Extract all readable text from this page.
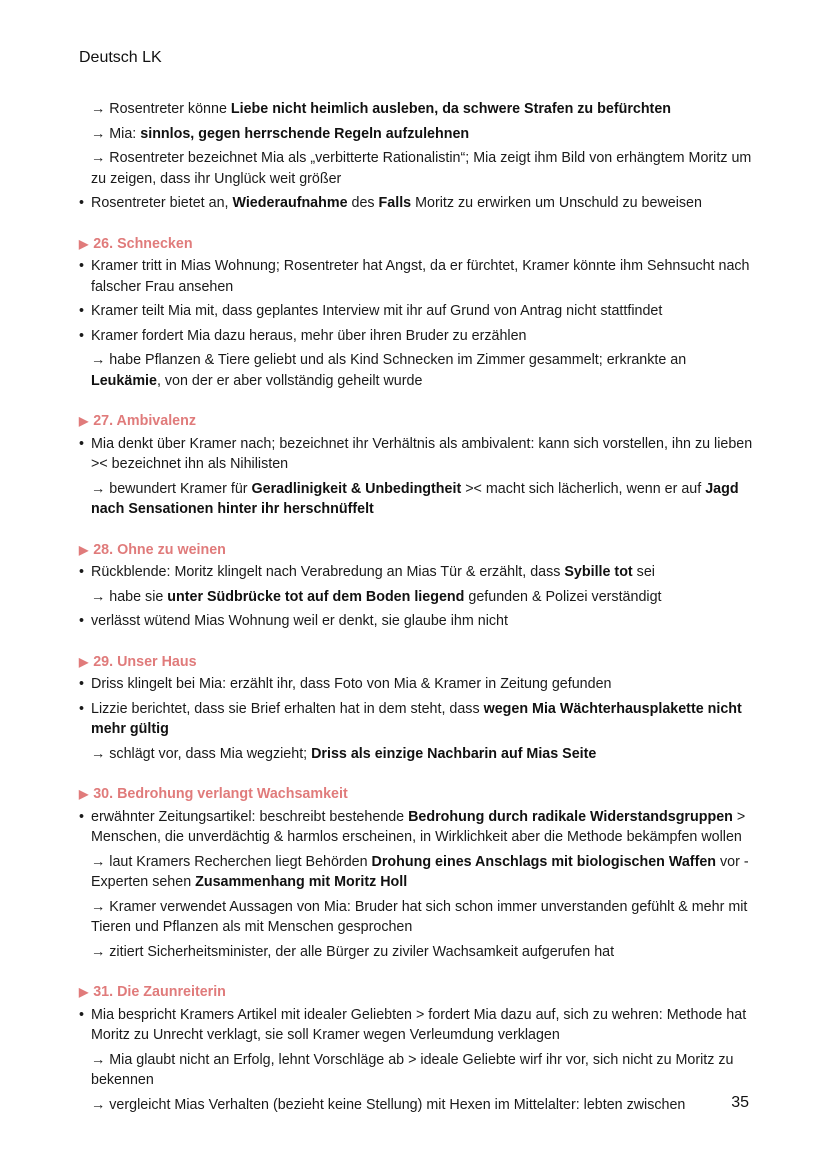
Deutsch LK
→ Rosentreter könne Liebe nicht heimlich ausleben, da schwere Strafen zu befürchten
→ Mia: sinnlos, gegen herrschende Regeln aufzulehnen
→ Rosentreter bezeichnet Mia als „verbitterte Rationalistin“; Mia zeigt ihm Bild von erhängtem Moritz um zu zeigen, dass ihr Unglück weit größer
• Rosentreter bietet an, Wiederaufnahme des Falls Moritz zu erwirken um Unschuld zu beweisen
▶ 26. Schnecken
• Kramer tritt in Mias Wohnung; Rosentreter hat Angst, da er fürchtet, Kramer könnte ihm Sehnsucht nach falscher Frau ansehen
• Kramer teilt Mia mit, dass geplantes Interview mit ihr auf Grund von Antrag nicht stattfindet
• Kramer fordert Mia dazu heraus, mehr über ihren Bruder zu erzählen
→ habe Pflanzen & Tiere geliebt und als Kind Schnecken im Zimmer gesammelt; erkrankte an Leukämie, von der er aber vollständig geheilt wurde
▶ 27. Ambivalenz
• Mia denkt über Kramer nach; bezeichnet ihr Verhältnis als ambivalent: kann sich vorstellen, ihn zu lieben >< bezeichnet ihn als Nihilisten
→ bewundert Kramer für Geradlinigkeit & Unbedingtheit >< macht sich lächerlich, wenn er auf Jagd nach Sensationen hinter ihr herschnüffelt
▶ 28. Ohne zu weinen
• Rückblende: Moritz klingelt nach Verabredung an Mias Tür & erzählt, dass Sybille tot sei
→ habe sie unter Südbrücke tot auf dem Boden liegend gefunden & Polizei verständigt
• verlässt wütend Mias Wohnung weil er denkt, sie glaube ihm nicht
▶ 29. Unser Haus
• Driss klingelt bei Mia: erzählt ihr, dass Foto von Mia & Kramer in Zeitung gefunden
• Lizzie berichtet, dass sie Brief erhalten hat in dem steht, dass wegen Mia Wächterhausplakette nicht mehr gültig
→ schlägt vor, dass Mia wegzieht; Driss als einzige Nachbarin auf Mias Seite
▶ 30. Bedrohung verlangt Wachsamkeit
• erwähnter Zeitungsartikel: beschreibt bestehende Bedrohung durch radikale Widerstandsgruppen > Menschen, die unverdächtig & harmlos erscheinen, in Wirklichkeit aber die Methode bekämpfen wollen
→ laut Kramers Recherchen liegt Behörden Drohung eines Anschlags mit biologischen Waffen vor - Experten sehen Zusammenhang mit Moritz Holl
→ Kramer verwendet Aussagen von Mia: Bruder hat sich schon immer unverstanden gefühlt & mehr mit Tieren und Pflanzen als mit Menschen gesprochen
→ zitiert Sicherheitsminister, der alle Bürger zu ziviler Wachsamkeit aufgerufen hat
▶ 31. Die Zaunreiterin
• Mia bespricht Kramers Artikel mit idealer Geliebten > fordert Mia dazu auf, sich zu wehren: Methode hat Moritz zu Unrecht verklagt, sie soll Kramer wegen Verleumdung verklagen
→ Mia glaubt nicht an Erfolg, lehnt Vorschläge ab > ideale Geliebte wirf ihr vor, sich nicht zu Moritz zu bekennen
→ vergleicht Mias Verhalten (bezieht keine Stellung) mit Hexen im Mittelalter: lebten zwischen	35
